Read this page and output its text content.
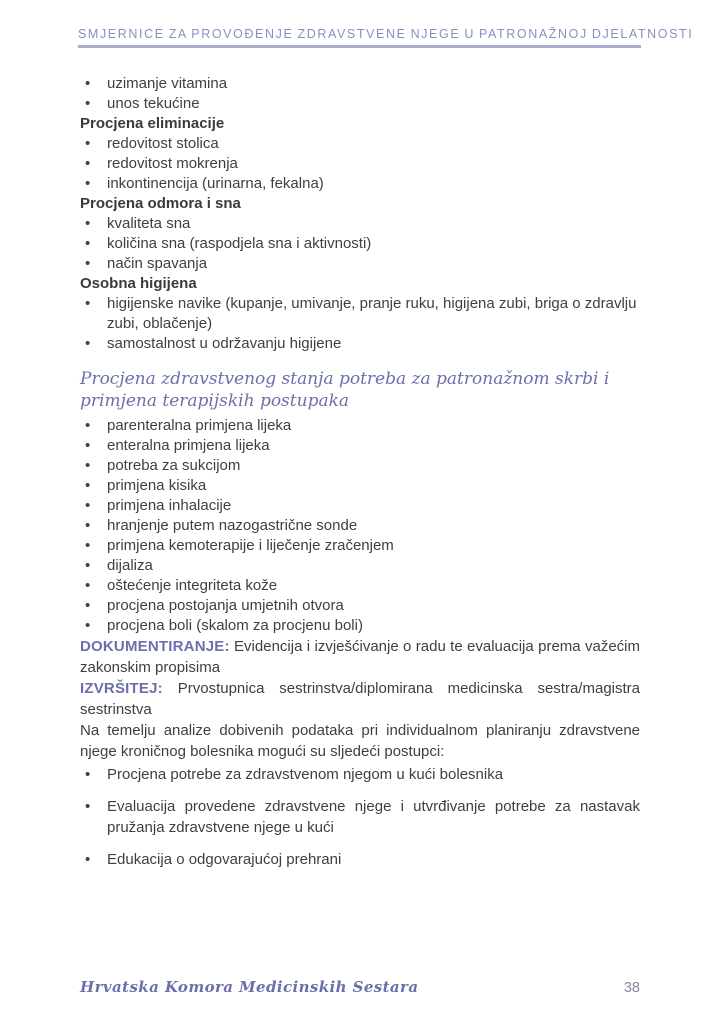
SMJERNICE ZA PROVOĐENJE ZDRAVSTVENE NJEGE U PATRONAŽNOJ DJELATNOSTI
• uzimanje vitamina
• unos tekućine
Procjena eliminacije
• redovitost stolica
• redovitost mokrenja
• inkontinencija (urinarna, fekalna)
Procjena odmora i sna
• kvaliteta sna
• količina sna (raspodjela sna i aktivnosti)
• način spavanja
Osobna higijena
• higijenske navike (kupanje, umivanje, pranje ruku, higijena zubi, briga o zdravlju zubi, oblačenje)
• samostalnost u održavanju higijene
Procjena zdravstvenog stanja potreba za patronažnom skrbi i primjena terapijskih postupaka
• parenteralna primjena lijeka
• enteralna primjena lijeka
• potreba za sukcijom
• primjena kisika
• primjena inhalacije
• hranjenje putem nazogastrične sonde
• primjena kemoterapije i liječenje zračenjem
• dijaliza
• oštećenje integriteta kože
• procjena postojanja umjetnih otvora
• procjena boli (skalom za procjenu boli)

DOKUMENTIRANJE: Evidencija i izvješćivanje o radu te evaluacija prema važećim zakonskim propisima

IZVRŠITEJ: Prvostupnica sestrinstva/diplomirana medicinska sestra/magistra sestrinstva

Na temelju analize dobivenih podataka pri individualnom planiranju zdravstvene njege kroničnog bolesnika mogući su sljedeći postupci:

• Procjena potrebe za zdravstvenom njegom u kući bolesnika
• Evaluacija provedene zdravstvene njege i utvrđivanje potrebe za nastavak pružanja zdravstvene njege u kući
• Edukacija o odgovarajućoj prehrani
Hrvatska Komora Medicinskih Sestara	38
